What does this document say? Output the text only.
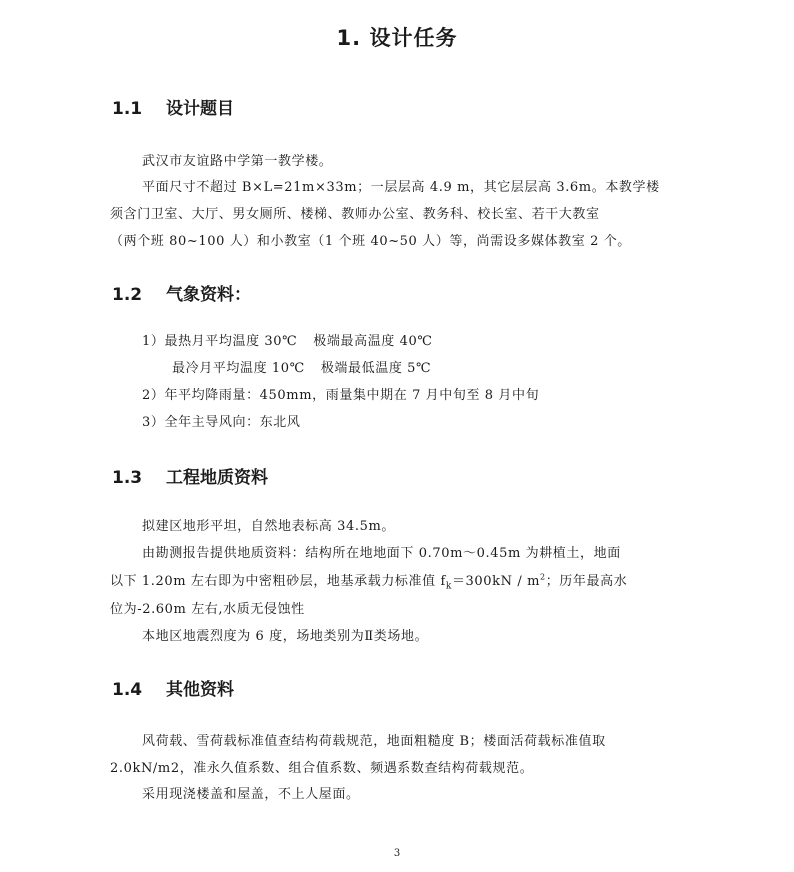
1. 设计任务
1.1 设计题目
武汉市友谊路中学第一教学楼。
平面尺寸不超过 B×L=21m×33m；一层层高 4.9 m，其它层层高 3.6m。本教学楼
须含门卫室、大厅、男女厕所、楼梯、教师办公室、教务科、校长室、若干大教室
（两个班 80~100 人）和小教室（1 个班 40~50 人）等，尚需设多媒体教室 2 个。
1.2 气象资料：
1）最热月平均温度 30℃ 极端最高温度 40℃
最冷月平均温度 10℃ 极端最低温度 5℃
2）年平均降雨量：450mm，雨量集中期在 7 月中旬至 8 月中旬
3）全年主导风向：东北风
1.3 工程地质资料
拟建区地形平坦，自然地表标高 34.5m。
由勘测报告提供地质资料：结构所在地地面下 0.70m～0.45m 为耕植土，地面
以下 1.20m 左右即为中密粗砂层，地基承载力标准值 $f_k=300kN / m^2$；历年最高水
位为-2.60m 左右,水质无侵蚀性
本地区地震烈度为 6 度，场地类别为Ⅱ类场地。
1.4 其他资料
风荷载、雪荷载标准值查结构荷载规范，地面粗糙度 B；楼面活荷载标准值取
2.0kN/m2，准永久值系数、组合值系数、频遇系数查结构荷载规范。
采用现浇楼盖和屋盖，不上人屋面。
3
